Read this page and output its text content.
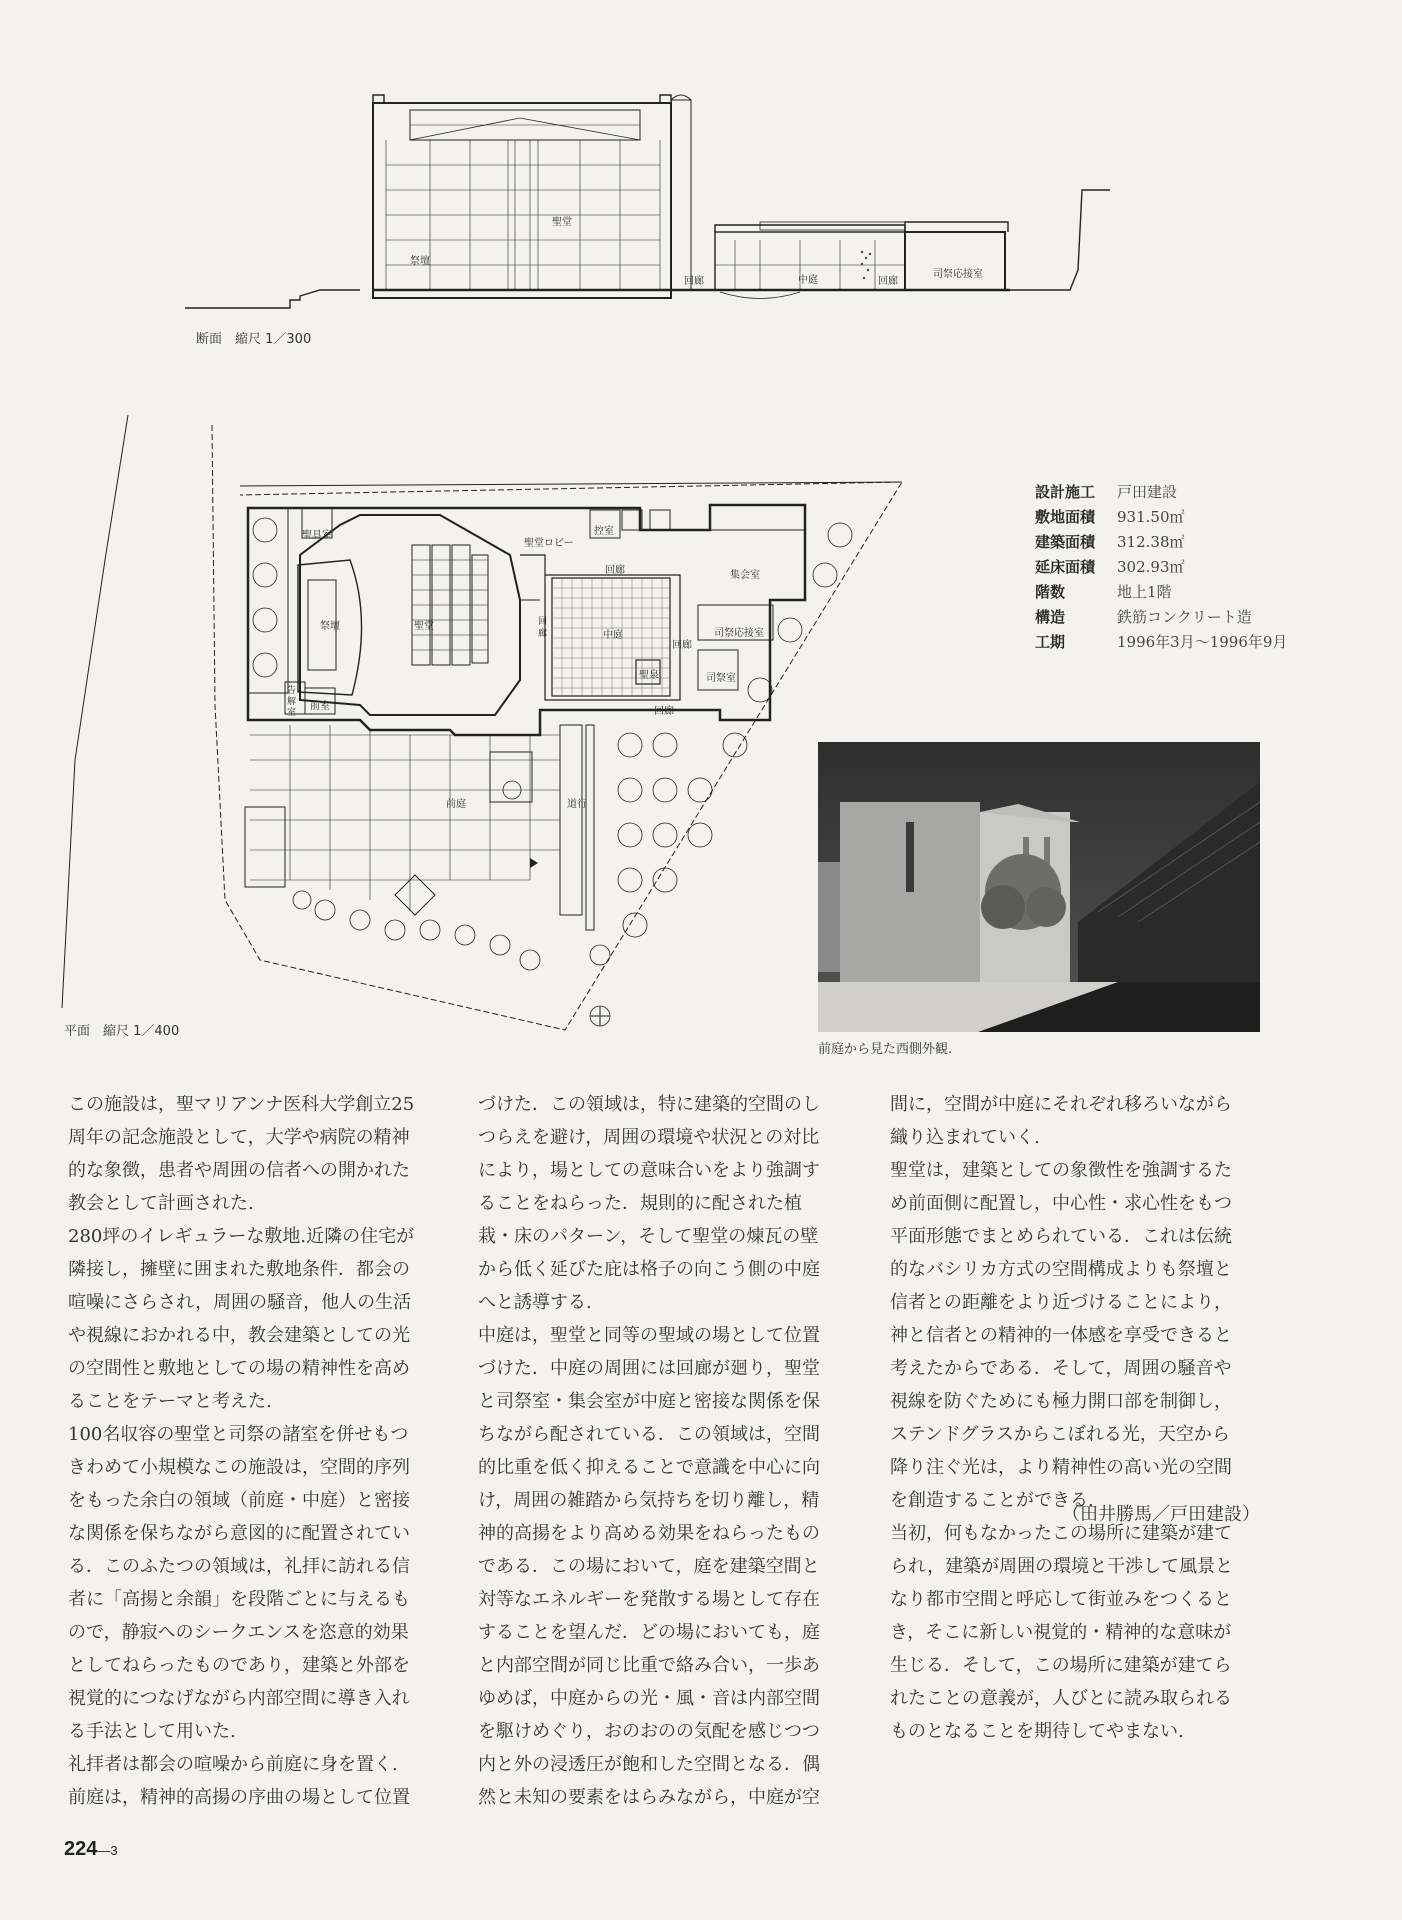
聖堂
祭壇
回廊	中庭	回廊
司祭応接室
断面　縮尺 1／300
聖具室
祭壇	聖堂
告解室
前室
聖堂ロビー
控室
回廊	集会室
回廊	中庭
回廊
司祭応接室
聖泉	司祭室
回廊
前庭	道行
平面　縮尺 1／400
設計施工	戸田建設
敷地面積	931.50㎡
建築面積	312.38㎡
延床面積	302.93㎡
階数	地上1階
構造	鉄筋コンクリート造
工期	1996年3月〜1996年9月
前庭から見た西側外観.

この施設は，聖マリアンナ医科大学創立25
周年の記念施設として，大学や病院の精神
的な象徴，患者や周囲の信者への開かれた
教会として計画された.

280坪のイレギュラーな敷地.近隣の住宅が
隣接し，擁壁に囲まれた敷地条件．都会の
喧噪にさらされ，周囲の騒音，他人の生活
や視線におかれる中，教会建築としての光
の空間性と敷地としての場の精神性を高め
ることをテーマと考えた.

100名収容の聖堂と司祭の諸室を併せもつ
きわめて小規模なこの施設は，空間的序列
をもった余白の領域（前庭・中庭）と密接
な関係を保ちながら意図的に配置されてい
る．このふたつの領域は，礼拝に訪れる信
者に「高揚と余韻」を段階ごとに与えるも
ので，静寂へのシークエンスを恣意的効果
としてねらったものであり，建築と外部を
視覚的につなげながら内部空間に導き入れ
る手法として用いた.

礼拝者は都会の喧噪から前庭に身を置く.
前庭は，精神的高揚の序曲の場として位置

づけた．この領域は，特に建築的空間のし
つらえを避け，周囲の環境や状況との対比
により，場としての意味合いをより強調す
ることをねらった．規則的に配された植
栽・床のパターン，そして聖堂の煉瓦の壁
から低く延びた庇は格子の向こう側の中庭
へと誘導する.

中庭は，聖堂と同等の聖域の場として位置
づけた．中庭の周囲には回廊が廻り，聖堂
と司祭室・集会室が中庭と密接な関係を保
ちながら配されている．この領域は，空間
的比重を低く抑えることで意識を中心に向
け，周囲の雑踏から気持ちを切り離し，精
神的高揚をより高める効果をねらったもの
である．この場において，庭を建築空間と
対等なエネルギーを発散する場として存在
することを望んだ．どの場においても，庭
と内部空間が同じ比重で絡み合い，一歩あ
ゆめば，中庭からの光・風・音は内部空間
を駆けめぐり，おのおのの気配を感じつつ
内と外の浸透圧が飽和した空間となる．偶
然と未知の要素をはらみながら，中庭が空

間に，空間が中庭にそれぞれ移ろいながら
織り込まれていく.

聖堂は，建築としての象徴性を強調するた
め前面側に配置し，中心性・求心性をもつ
平面形態でまとめられている．これは伝統
的なバシリカ方式の空間構成よりも祭壇と
信者との距離をより近づけることにより，
神と信者との精神的一体感を享受できると
考えたからである．そして，周囲の騒音や
視線を防ぐためにも極力開口部を制御し，
ステンドグラスからこぼれる光，天空から
降り注ぐ光は，より精神性の高い光の空間
を創造することができる.

当初，何もなかったこの場所に建築が建て
られ，建築が周囲の環境と干渉して風景と
なり都市空間と呼応して街並みをつくると
き，そこに新しい視覚的・精神的な意味が
生じる．そして，この場所に建築が建てら
れたことの意義が，人びとに読み取られる
ものとなることを期待してやまない.

（田井勝馬／戸田建設）
224—3
